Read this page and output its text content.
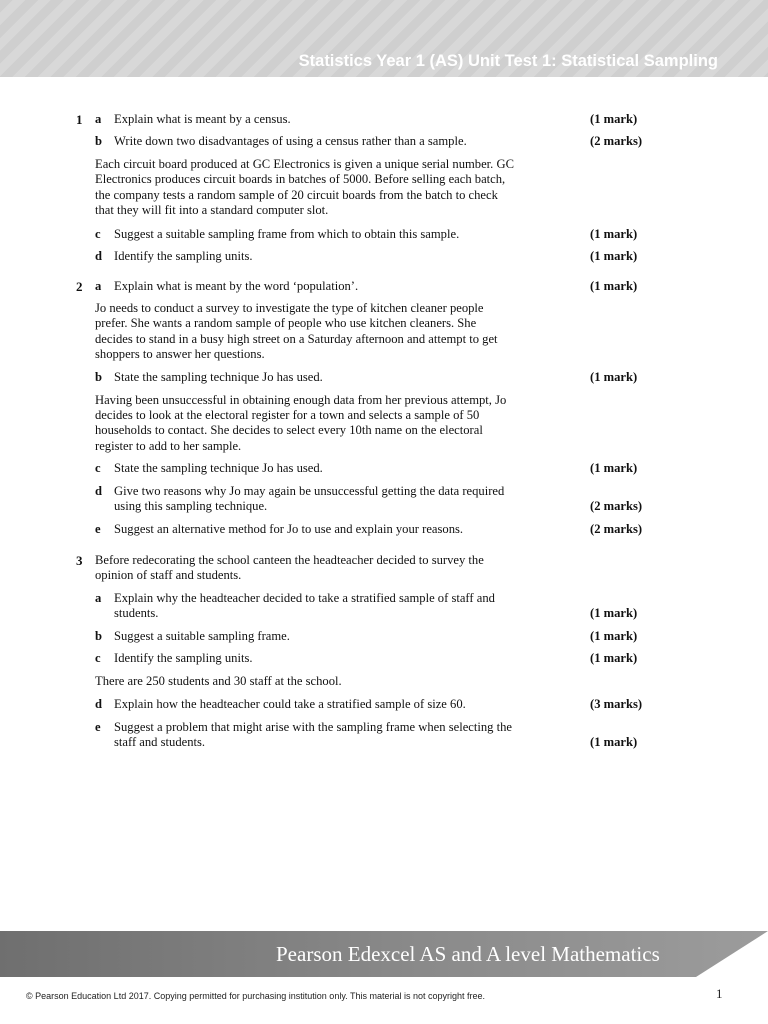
Statistics Year 1 (AS) Unit Test 1: Statistical Sampling
1 a Explain what is meant by a census.	(1 mark)
b Write down two disadvantages of using a census rather than a sample.	(2 marks)
Each circuit board produced at GC Electronics is given a unique serial number. GC
Electronics produces circuit boards in batches of 5000. Before selling each batch,
the company tests a random sample of 20 circuit boards from the batch to check
that they will fit into a standard computer slot.
c Suggest a suitable sampling frame from which to obtain this sample.	(1 mark)
d Identify the sampling units.	(1 mark)
2 a Explain what is meant by the word ‘population’.	(1 mark)
Jo needs to conduct a survey to investigate the type of kitchen cleaner people
prefer. She wants a random sample of people who use kitchen cleaners. She
decides to stand in a busy high street on a Saturday afternoon and attempt to get
shoppers to answer her questions.
b State the sampling technique Jo has used.	(1 mark)
Having been unsuccessful in obtaining enough data from her previous attempt, Jo
decides to look at the electoral register for a town and selects a sample of 50
households to contact. She decides to select every 10th name on the electoral
register to add to her sample.
c State the sampling technique Jo has used.	(1 mark)
d Give two reasons why Jo may again be unsuccessful getting the data required
using this sampling technique.	(2 marks)
e Suggest an alternative method for Jo to use and explain your reasons.	(2 marks)
3 Before redecorating the school canteen the headteacher decided to survey the
opinion of staff and students.
a Explain why the headteacher decided to take a stratified sample of staff and
students.	(1 mark)
b Suggest a suitable sampling frame.	(1 mark)
c Identify the sampling units.	(1 mark)
There are 250 students and 30 staff at the school.
d Explain how the headteacher could take a stratified sample of size 60.	(3 marks)
e Suggest a problem that might arise with the sampling frame when selecting the
staff and students.	(1 mark)
Pearson Edexcel AS and A level Mathematics
© Pearson Education Ltd 2017. Copying permitted for purchasing institution only. This material is not copyright free.	1
